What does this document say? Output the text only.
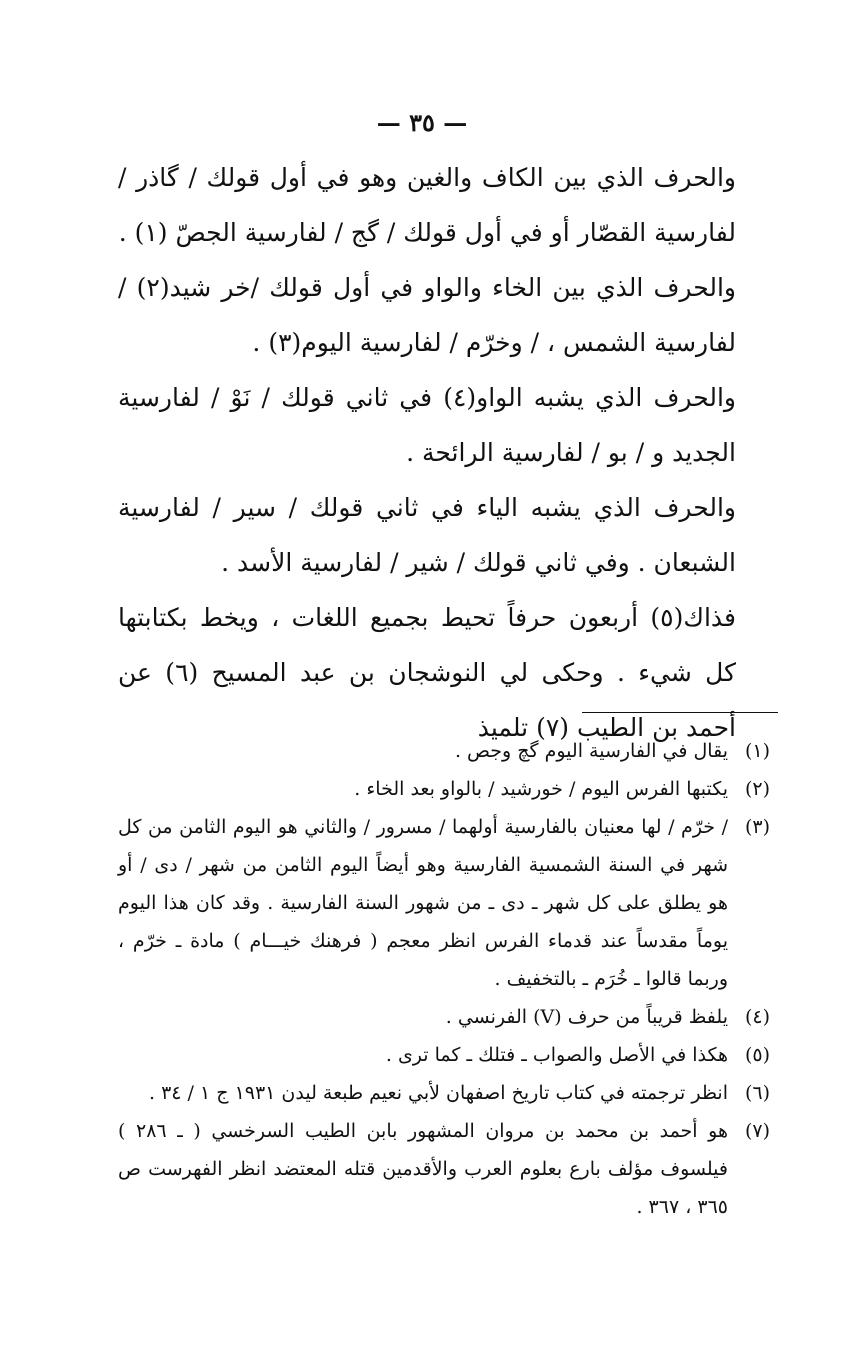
— ٣٥ —

والحرف الذي بين الكاف والغين وهو في أول قولك / گاذر / لفارسية القصّار أو في أول قولك / گج / لفارسية الجصّ (١) .

والحرف الذي بين الخاء والواو في أول قولك /خر شيد(٢) / لفارسية الشمس ، / وخرّم / لفارسية اليوم(٣) .

والحرف الذي يشبه الواو(٤) في ثاني قولك / نَوْ / لفارسية الجديد و / بو / لفارسية الرائحة .

والحرف الذي يشبه الياء في ثاني قولك / سير / لفارسية الشبعان . وفي ثاني قولك / شير / لفارسية الأسد .

فذاك(٥) أربعون حرفاً تحيط بجميع اللغات ، ويخط بكتابتها كل شيء . وحكى لي النوشجان بن عبد المسيح (٦) عن أحمد بن الطيب (٧) تلميذ

(١)
يقال في الفارسية اليوم گچ وجص .
(٢)
يكتبها الفرس اليوم / خورشيد / بالواو بعد الخاء .
(٣)
/ خرّم / لها معنيان بالفارسية أولهما / مسرور / والثاني هو اليوم الثامن من كل شهر في السنة الشمسية الفارسية وهو أيضاً اليوم الثامن من شهر / دى / أو هو يطلق على كل شهر ـ دى ـ من شهور السنة الفارسية . وقد كان هذا اليوم يوماً مقدساً عند قدماء الفرس انظر معجم ( فرهنك خيـــام ) مادة ـ خرّم ، وربما قالوا ـ خُرَم ـ بالتخفيف .
(٤)
يلفظ قريباً من حرف (V) الفرنسي .
(٥)
هكذا في الأصل والصواب ـ فتلك ـ كما ترى .
(٦)
انظر ترجمته في كتاب تاريخ اصفهان لأبي نعيم طبعة ليدن ١٩٣١ ج ١ / ٣٤ .
(٧)
هو أحمد بن محمد بن مروان المشهور بابن الطيب السرخسي ( ـ ٢٨٦ ) فيلسوف مؤلف بارع بعلوم العرب والأقدمين قتله المعتضد انظر الفهرست ص ٣٦٥ ، ٣٦٧ .
